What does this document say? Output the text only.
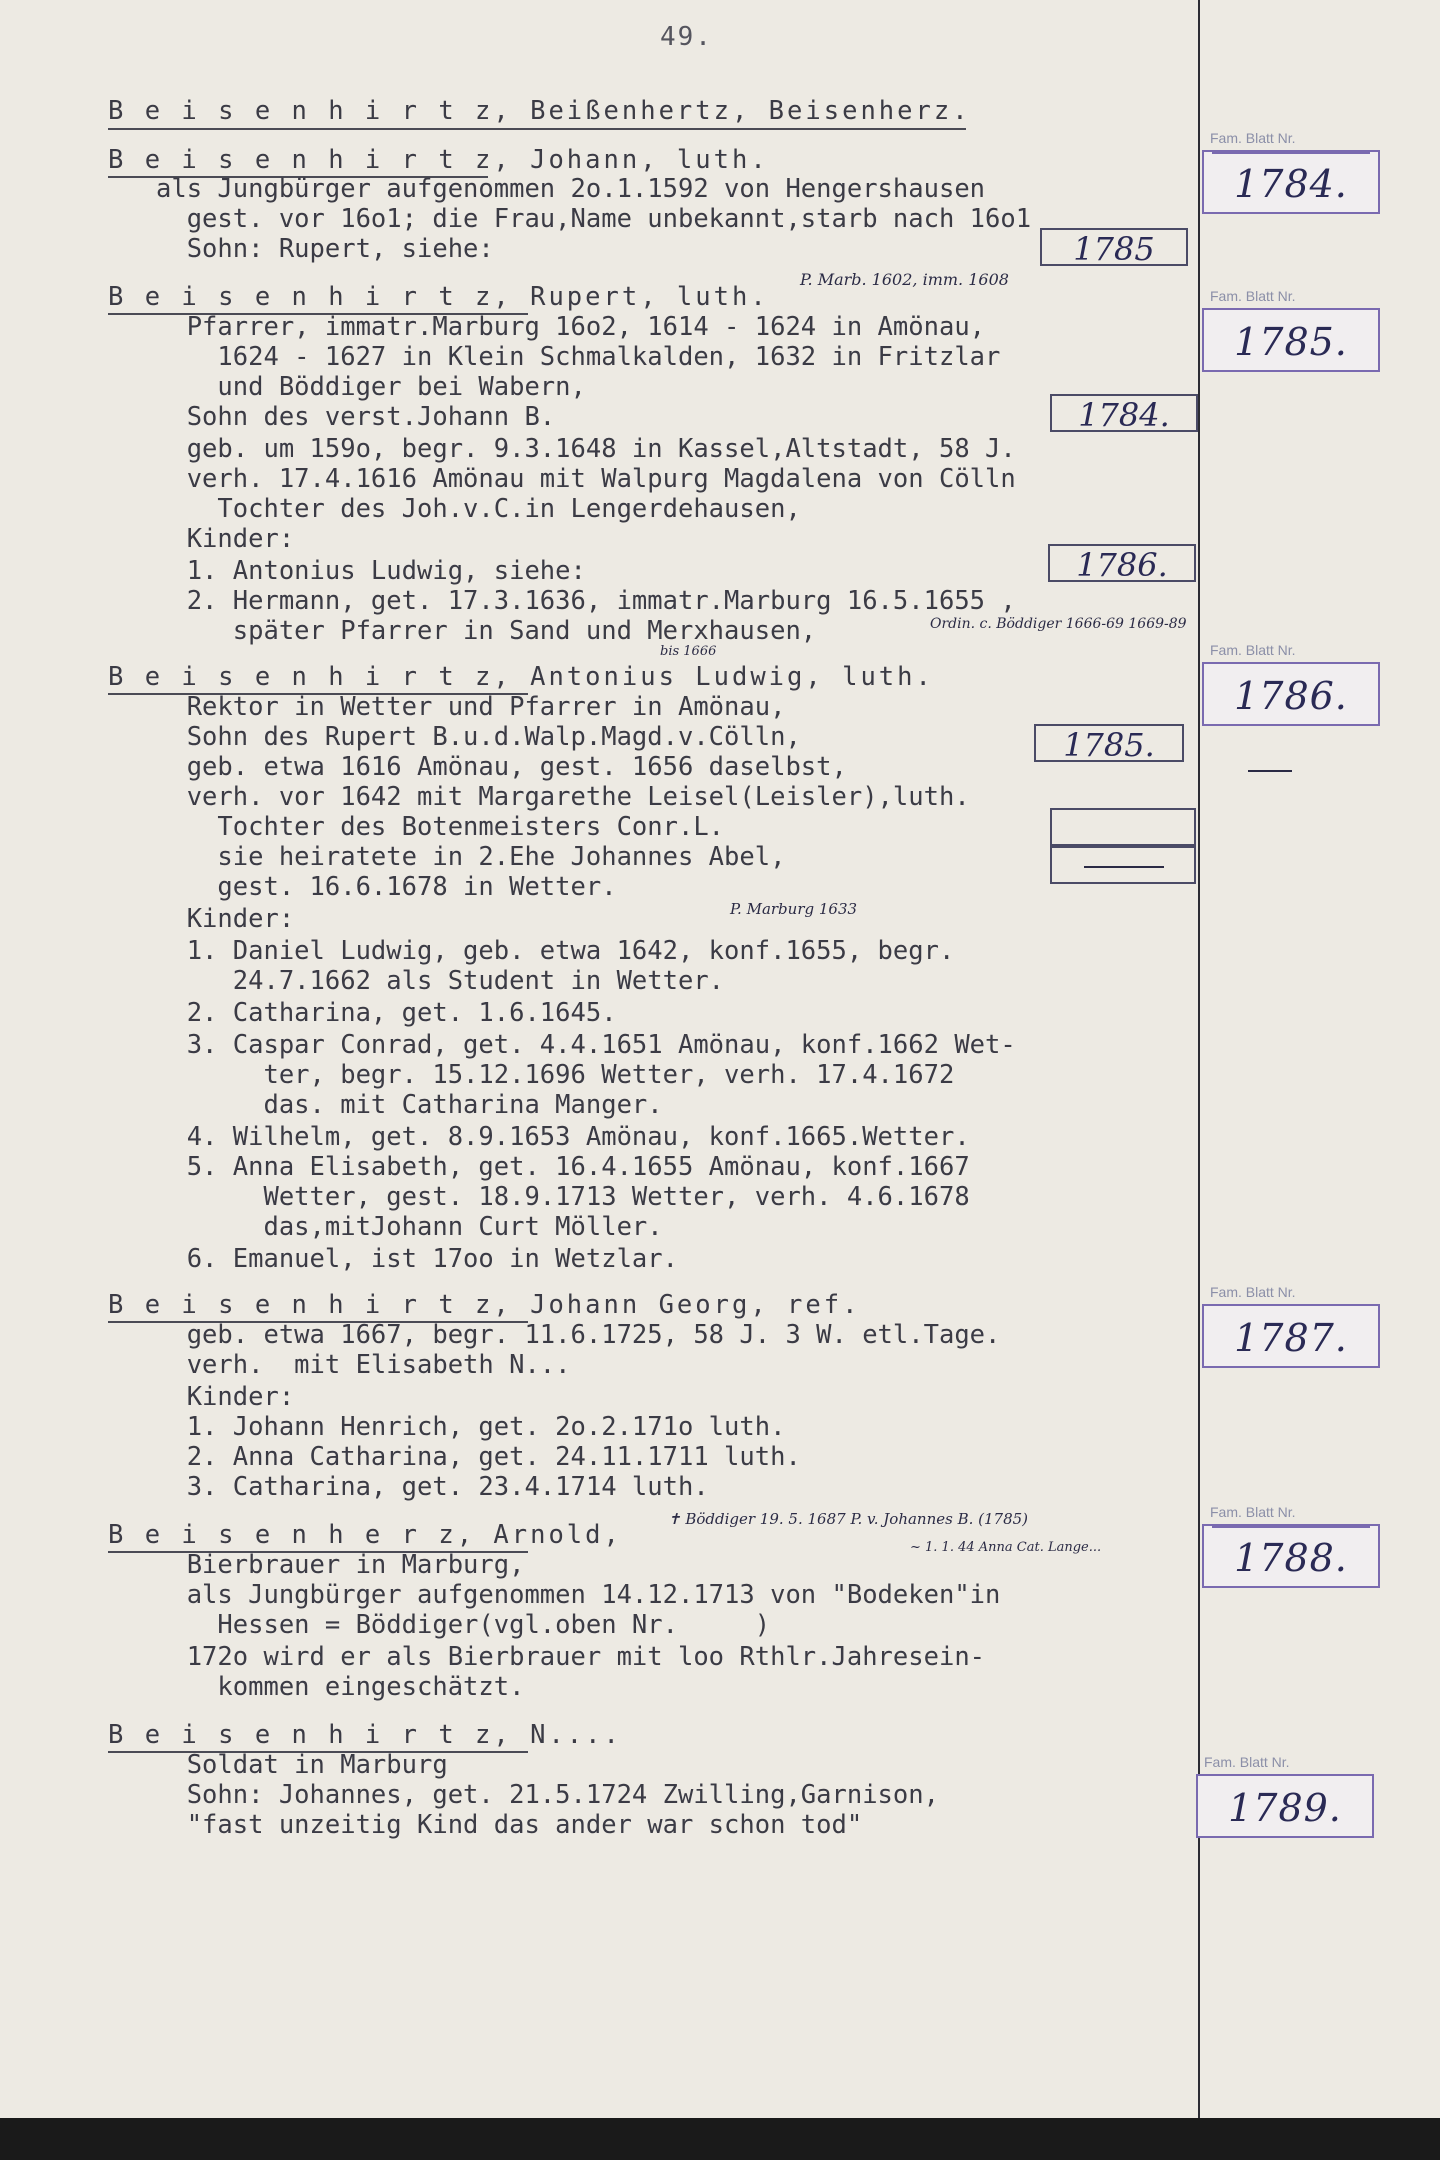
49.

B e i s e n h i r t z, Beißenhertz, Beisenherz.

B e i s e n h i r t z, Johann, luth.

als Jungbürger aufgenommen 2o.1.1592 von Hengershausen

gest. vor 16o1; die Frau,Name unbekannt,starb nach 16o1

Sohn: Rupert, siehe:

B e i s e n h i r t z, Rupert, luth.

Pfarrer, immatr.Marburg 16o2, 1614 - 1624 in Amönau,

1624 - 1627 in Klein Schmalkalden, 1632 in Fritzlar

und Böddiger bei Wabern,

Sohn des verst.Johann B.

geb. um 159o, begr. 9.3.1648 in Kassel,Altstadt, 58 J.

verh. 17.4.1616 Amönau mit Walpurg Magdalena von Cölln

Tochter des Joh.v.C.in Lengerdehausen,

Kinder:

1. Antonius Ludwig, siehe:

2. Hermann, get. 17.3.1636, immatr.Marburg 16.5.1655 ,

später Pfarrer in Sand und Merxhausen,

B e i s e n h i r t z, Antonius Ludwig, luth.

Rektor in Wetter und Pfarrer in Amönau,

Sohn des Rupert B.u.d.Walp.Magd.v.Cölln,

geb. etwa 1616 Amönau, gest. 1656 daselbst,

verh. vor 1642 mit Margarethe Leisel(Leisler),luth.

Tochter des Botenmeisters Conr.L.

sie heiratete in 2.Ehe Johannes Abel,

gest. 16.6.1678 in Wetter.

Kinder:

1. Daniel Ludwig, geb. etwa 1642, konf.1655, begr.

24.7.1662 als Student in Wetter.

2. Catharina, get. 1.6.1645.

3. Caspar Conrad, get. 4.4.1651 Amönau, konf.1662 Wet-

ter, begr. 15.12.1696 Wetter, verh. 17.4.1672

das. mit Catharina Manger.

4. Wilhelm, get. 8.9.1653 Amönau, konf.1665.Wetter.

5. Anna Elisabeth, get. 16.4.1655 Amönau, konf.1667

Wetter, gest. 18.9.1713 Wetter, verh. 4.6.1678

das,mitJohann Curt Möller.

6. Emanuel, ist 17oo in Wetzlar.

B e i s e n h i r t z, Johann Georg, ref.

geb. etwa 1667, begr. 11.6.1725, 58 J. 3 W. etl.Tage.

verh.  mit Elisabeth N...

Kinder:

1. Johann Henrich, get. 2o.2.171o luth.

2. Anna Catharina, get. 24.11.1711 luth.

3. Catharina, get. 23.4.1714 luth.

B e i s e n h e r z, Arnold,

Bierbrauer in Marburg,

als Jungbürger aufgenommen 14.12.1713 von "Bodeken"in

Hessen = Böddiger(vgl.oben Nr.     )

172o wird er als Bierbrauer mit loo Rthlr.Jahresein-

kommen eingeschätzt.

B e i s e n h i r t z, N....

Soldat in Marburg

Sohn: Johannes, get. 21.5.1724 Zwilling,Garnison,

"fast unzeitig Kind das ander war schon tod"

1785
1784.
1786.
1785.
P. Marb. 1602, imm. 1608
Ordin. c. Böddiger 1666-69 1669-89
bis 1666
P. Marburg 1633
✝ Böddiger 19. 5. 1687 P. v. Johannes B. (1785)
~ 1. 1. 44 Anna Cat. Lange...
Fam. Blatt Nr.
1784.
Fam. Blatt Nr.
1785.
Fam. Blatt Nr.
1786.
Fam. Blatt Nr.
1787.
Fam. Blatt Nr.
1788.
Fam. Blatt Nr.
1789.
